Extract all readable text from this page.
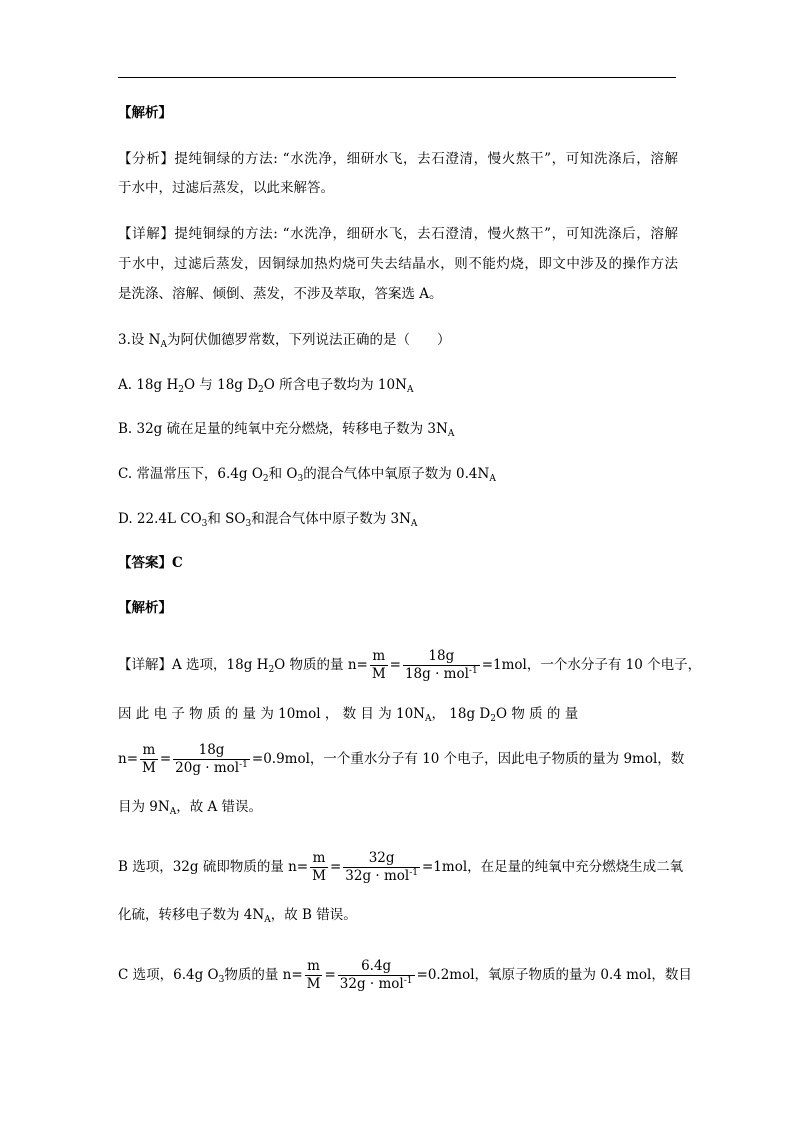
【解析】
【分析】提纯铜绿的方法: “水洗净，细研水飞，去石澄清，慢火熬干”，可知洗涤后，溶解
于水中，过滤后蒸发，以此来解答。
【详解】提纯铜绿的方法: “水洗净，细研水飞，去石澄清，慢火熬干”，可知洗涤后，溶解
于水中，过滤后蒸发，因铜绿加热灼烧可失去结晶水，则不能灼烧，即文中涉及的操作方法
是洗涤、溶解、倾倒、蒸发，不涉及萃取，答案选 A。
3.设 $N_A$为阿伏伽德罗常数，下列说法正确的是（　　）
A. 18g $H_2O$ 与 18g $D_2O$ 所含电子数均为 $10N_A$
B. 32g 硫在足量的纯氧中充分燃烧，转移电子数为 $3N_A$
C. 常温常压下，6.4g $O_2$和 $O_3$的混合气体中氧原子数为 $0.4N_A$
D. 22.4L $CO_3$和 $SO_3$和混合气体中原子数为 $3N_A$
【答案】C
【解析】
【详解】A 选项，18g $H_2O$ 物质的量 $n= \frac{m}{M} = \frac{18g}{18g \cdot mol^{-1}} =1mol$，一个水分子有 10 个电子，
因 此 电 子 物 质 的 量 为 10mol ， 数 目 为 $10N_A$， 18g $D_2O$ 物 质 的 量
$n= \frac{m}{M} = \frac{18g}{20g \cdot mol^{-1}} =0.9mol$，一个重水分子有 10 个电子，因此电子物质的量为 9mol，数
目为 $9N_A$，故 A 错误。
B 选项，32g 硫即物质的量 $n= \frac{m}{M} = \frac{32g}{32g \cdot mol^{-1}} =1mol$，在足量的纯氧中充分燃烧生成二氧
化硫，转移电子数为 $4N_A$，故 B 错误。
C 选项，6.4g $O_3$物质的量 $n= \frac{m}{M} = \frac{6.4g}{32g \cdot mol^{-1}} =0.2mol$，氧原子物质的量为 0.4 mol，数目
